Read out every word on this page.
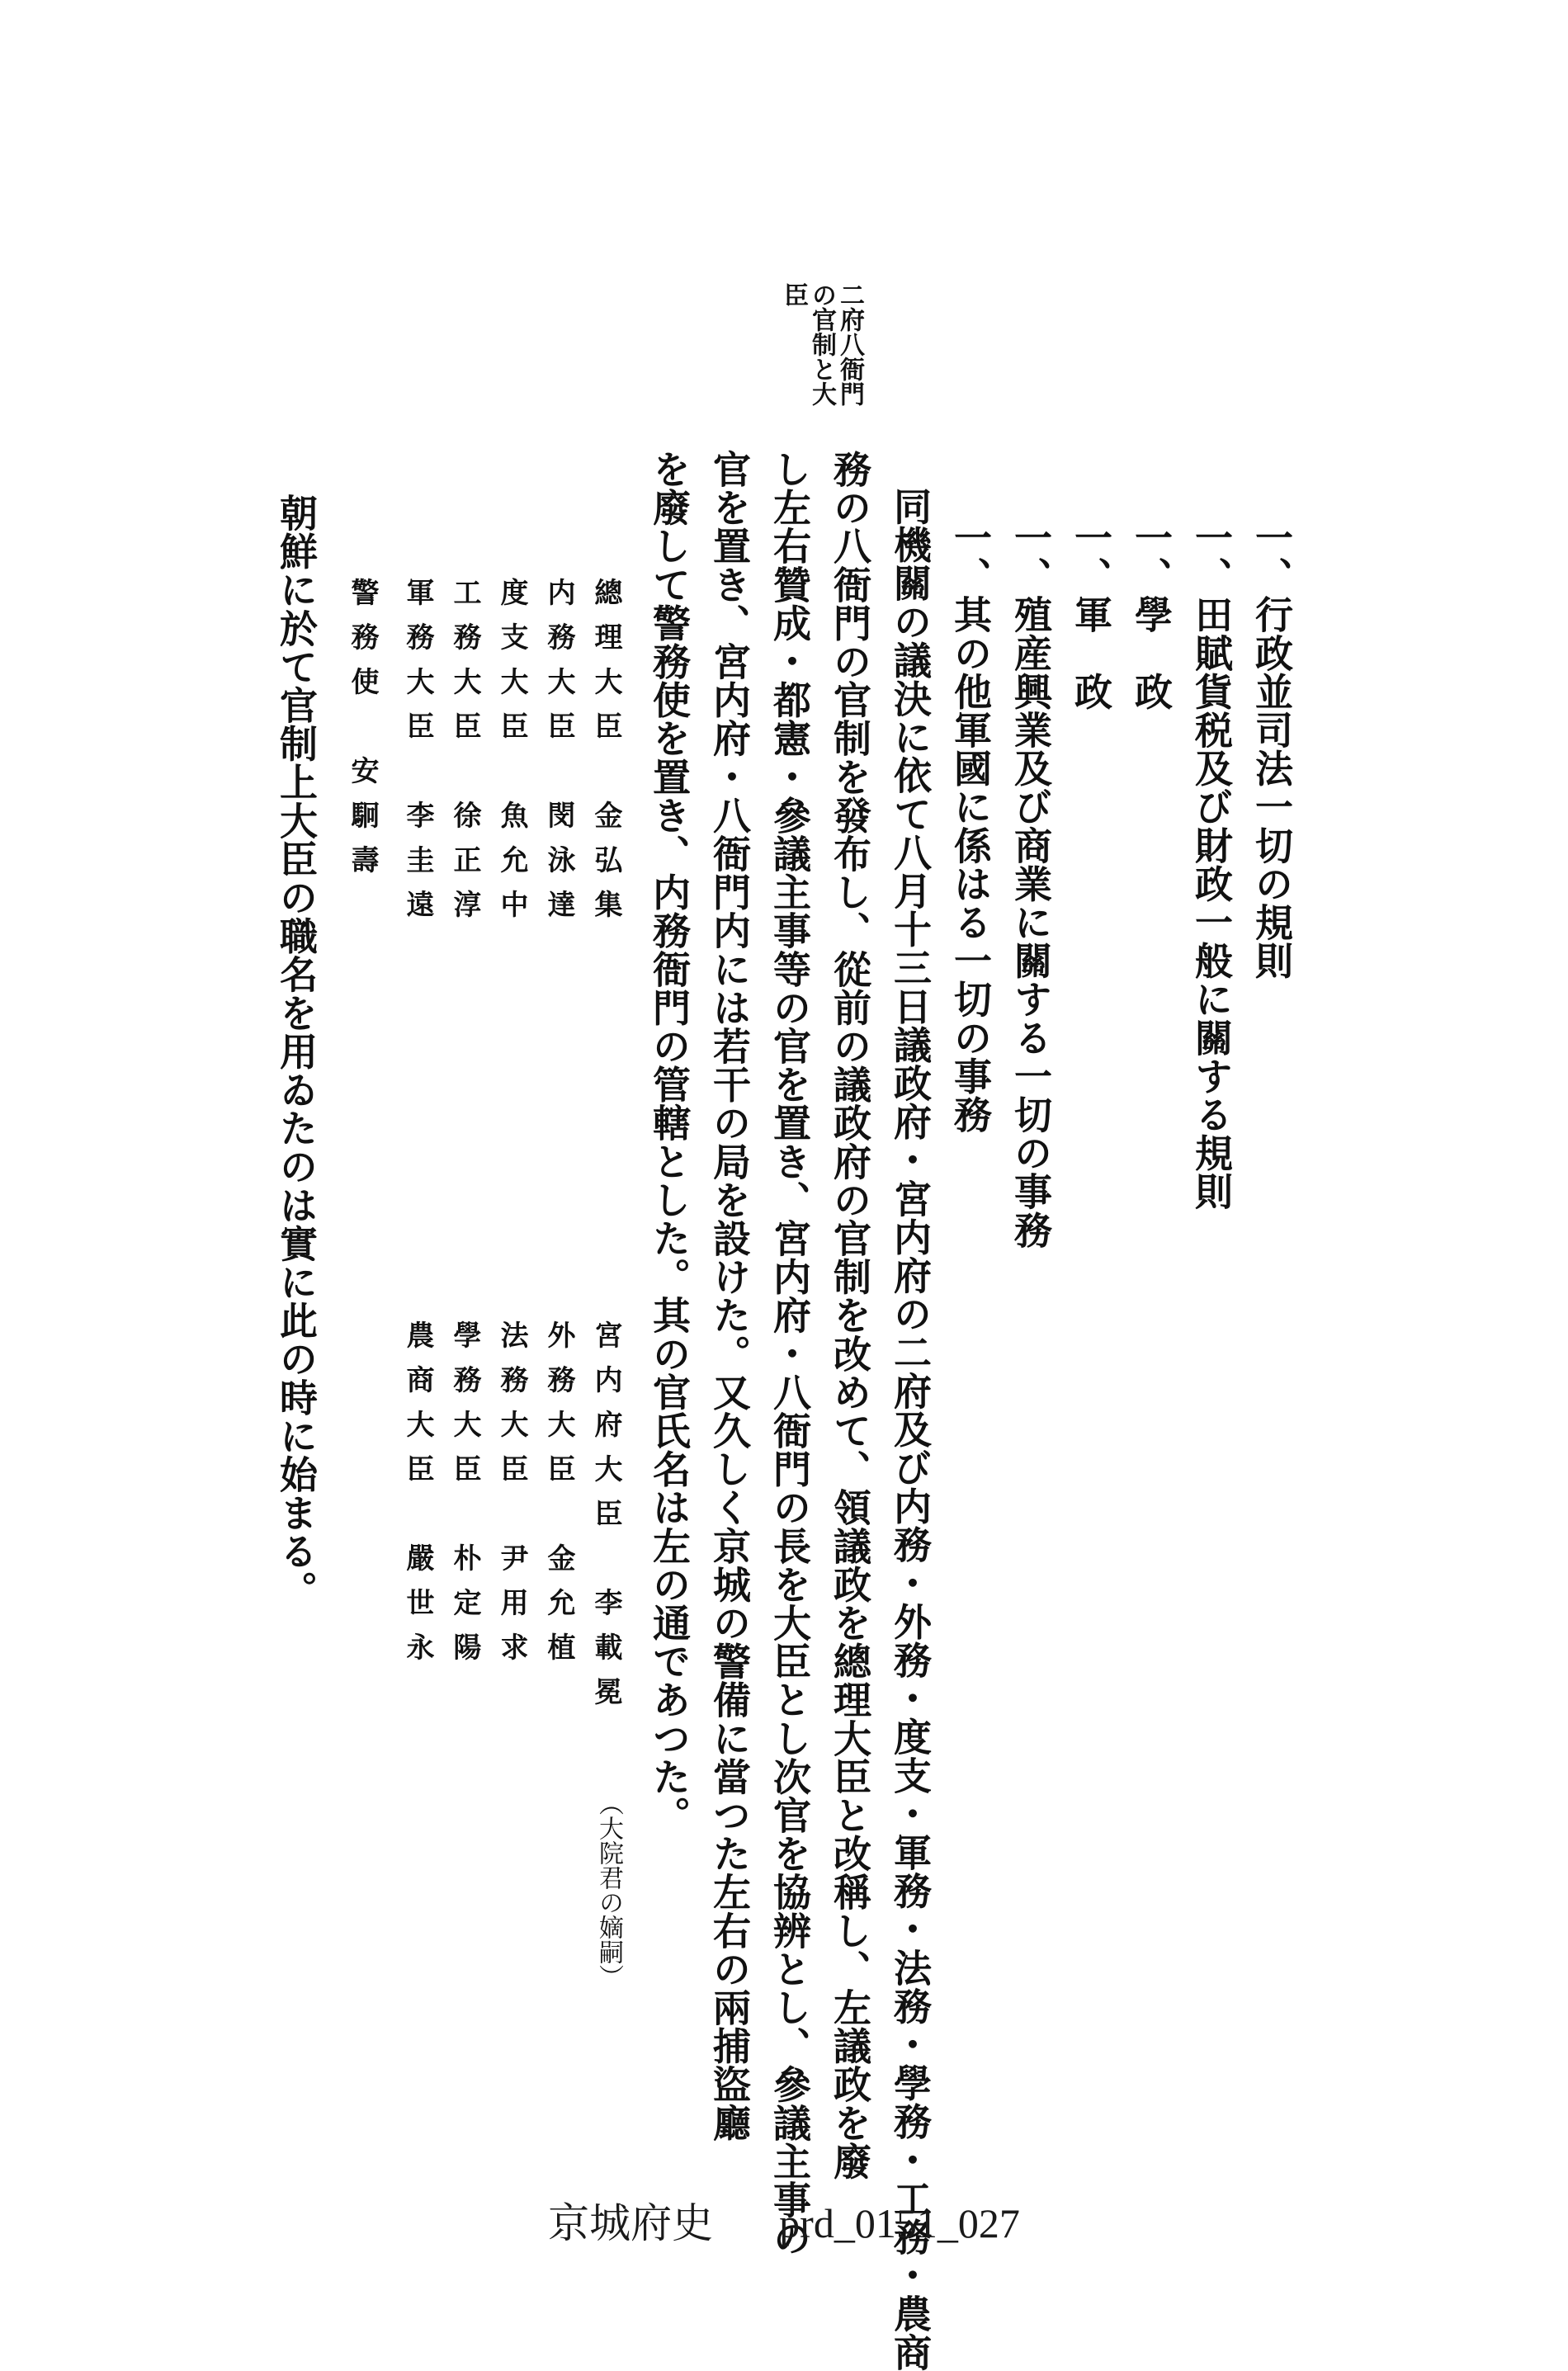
一、行政並司法一切の規則
一、田賦貨税及び財政一般に關する規則
一、學　政
一、軍　政
一、殖産興業及び商業に關する一切の事務
一、其の他軍國に係はる一切の事務
同機關の議決に依て八月十三日議政府・宮内府の二府及び内務・外務・度支・軍務・法務・學務・工務・農商
務の八衙門の官制を發布し、從前の議政府の官制を改めて、領議政を總理大臣と改稱し、左議政を廢
し左右贊成・都憲・參議主事等の官を置き、宮内府・八衙門の長を大臣とし次官を協辨とし、參議主事の
官を置き、宮内府・八衙門内には若干の局を設けた。又久しく京城の警備に當つた左右の兩捕盜廳
を廢して警務使を置き、内務衙門の管轄とした。其の官氏名は左の通であつた。
二府八衙門
の官制と大
臣
總理大臣　金弘集
内務大臣　閔泳達
度支大臣　魚允中
工務大臣　徐正淳
軍務大臣　李圭遠
警務使　安駉壽
宮内府大臣　李載冕
外務大臣　金允植
法務大臣　尹用求
學務大臣　朴定陽
農商大臣　嚴世永
（大院君の嫡嗣）
朝鮮に於て官制上大臣の職名を用ゐたのは實に此の時に始まる。
京城府史 prd_0151_027
